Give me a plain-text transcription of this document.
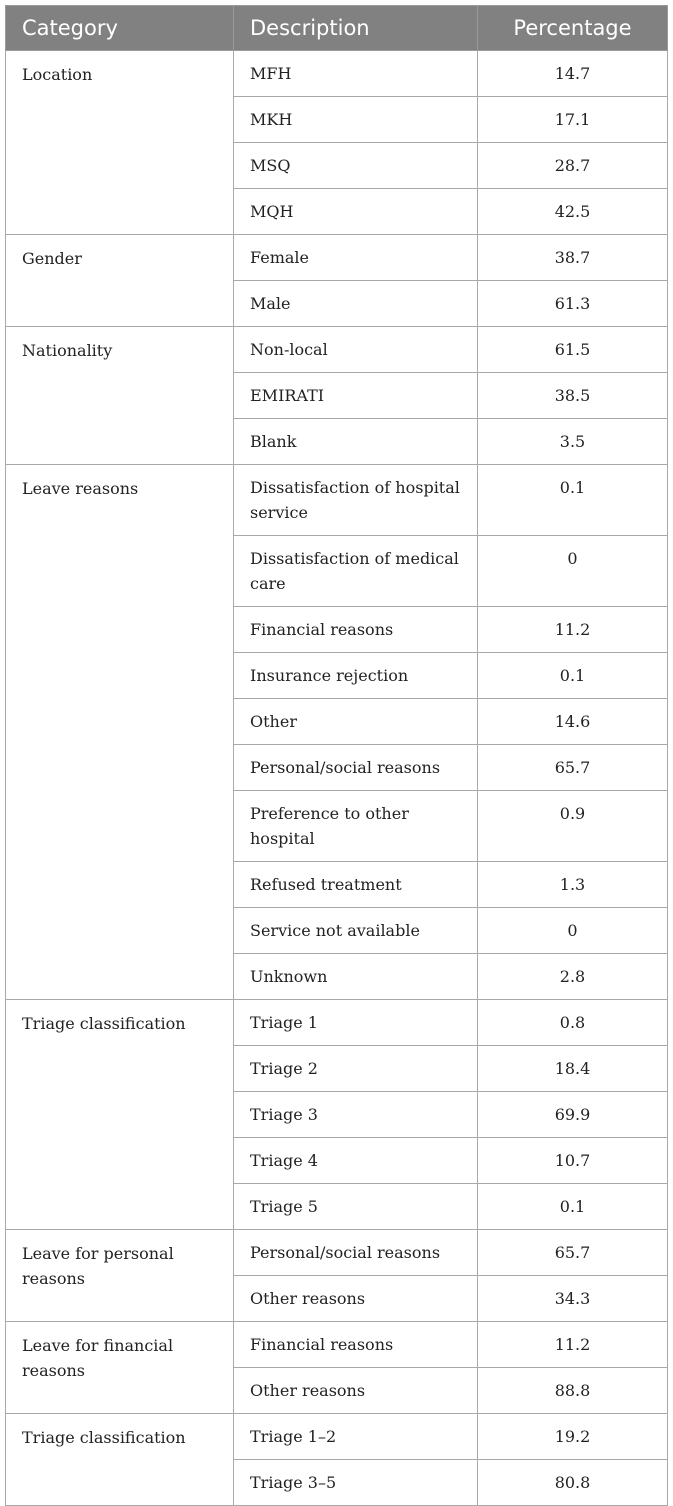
Category	Description	Percentage
Location	MFH	14.7
	MKH	17.1
	MSQ	28.7
	MQH	42.5
Gender	Female	38.7
	Male	61.3
Nationality	Non-local	61.5
	EMIRATI	38.5
	Blank	3.5
Leave reasons	Dissatisfaction of hospital service	0.1
	Dissatisfaction of medical care	0
	Financial reasons	11.2
	Insurance rejection	0.1
	Other	14.6
	Personal/social reasons	65.7
	Preference to other hospital	0.9
	Refused treatment	1.3
	Service not available	0
	Unknown	2.8
Triage classification	Triage 1	0.8
	Triage 2	18.4
	Triage 3	69.9
	Triage 4	10.7
	Triage 5	0.1
Leave for personal reasons	Personal/social reasons	65.7
	Other reasons	34.3
Leave for financial reasons	Financial reasons	11.2
	Other reasons	88.8
Triage classification	Triage 1–2	19.2
	Triage 3–5	80.8
